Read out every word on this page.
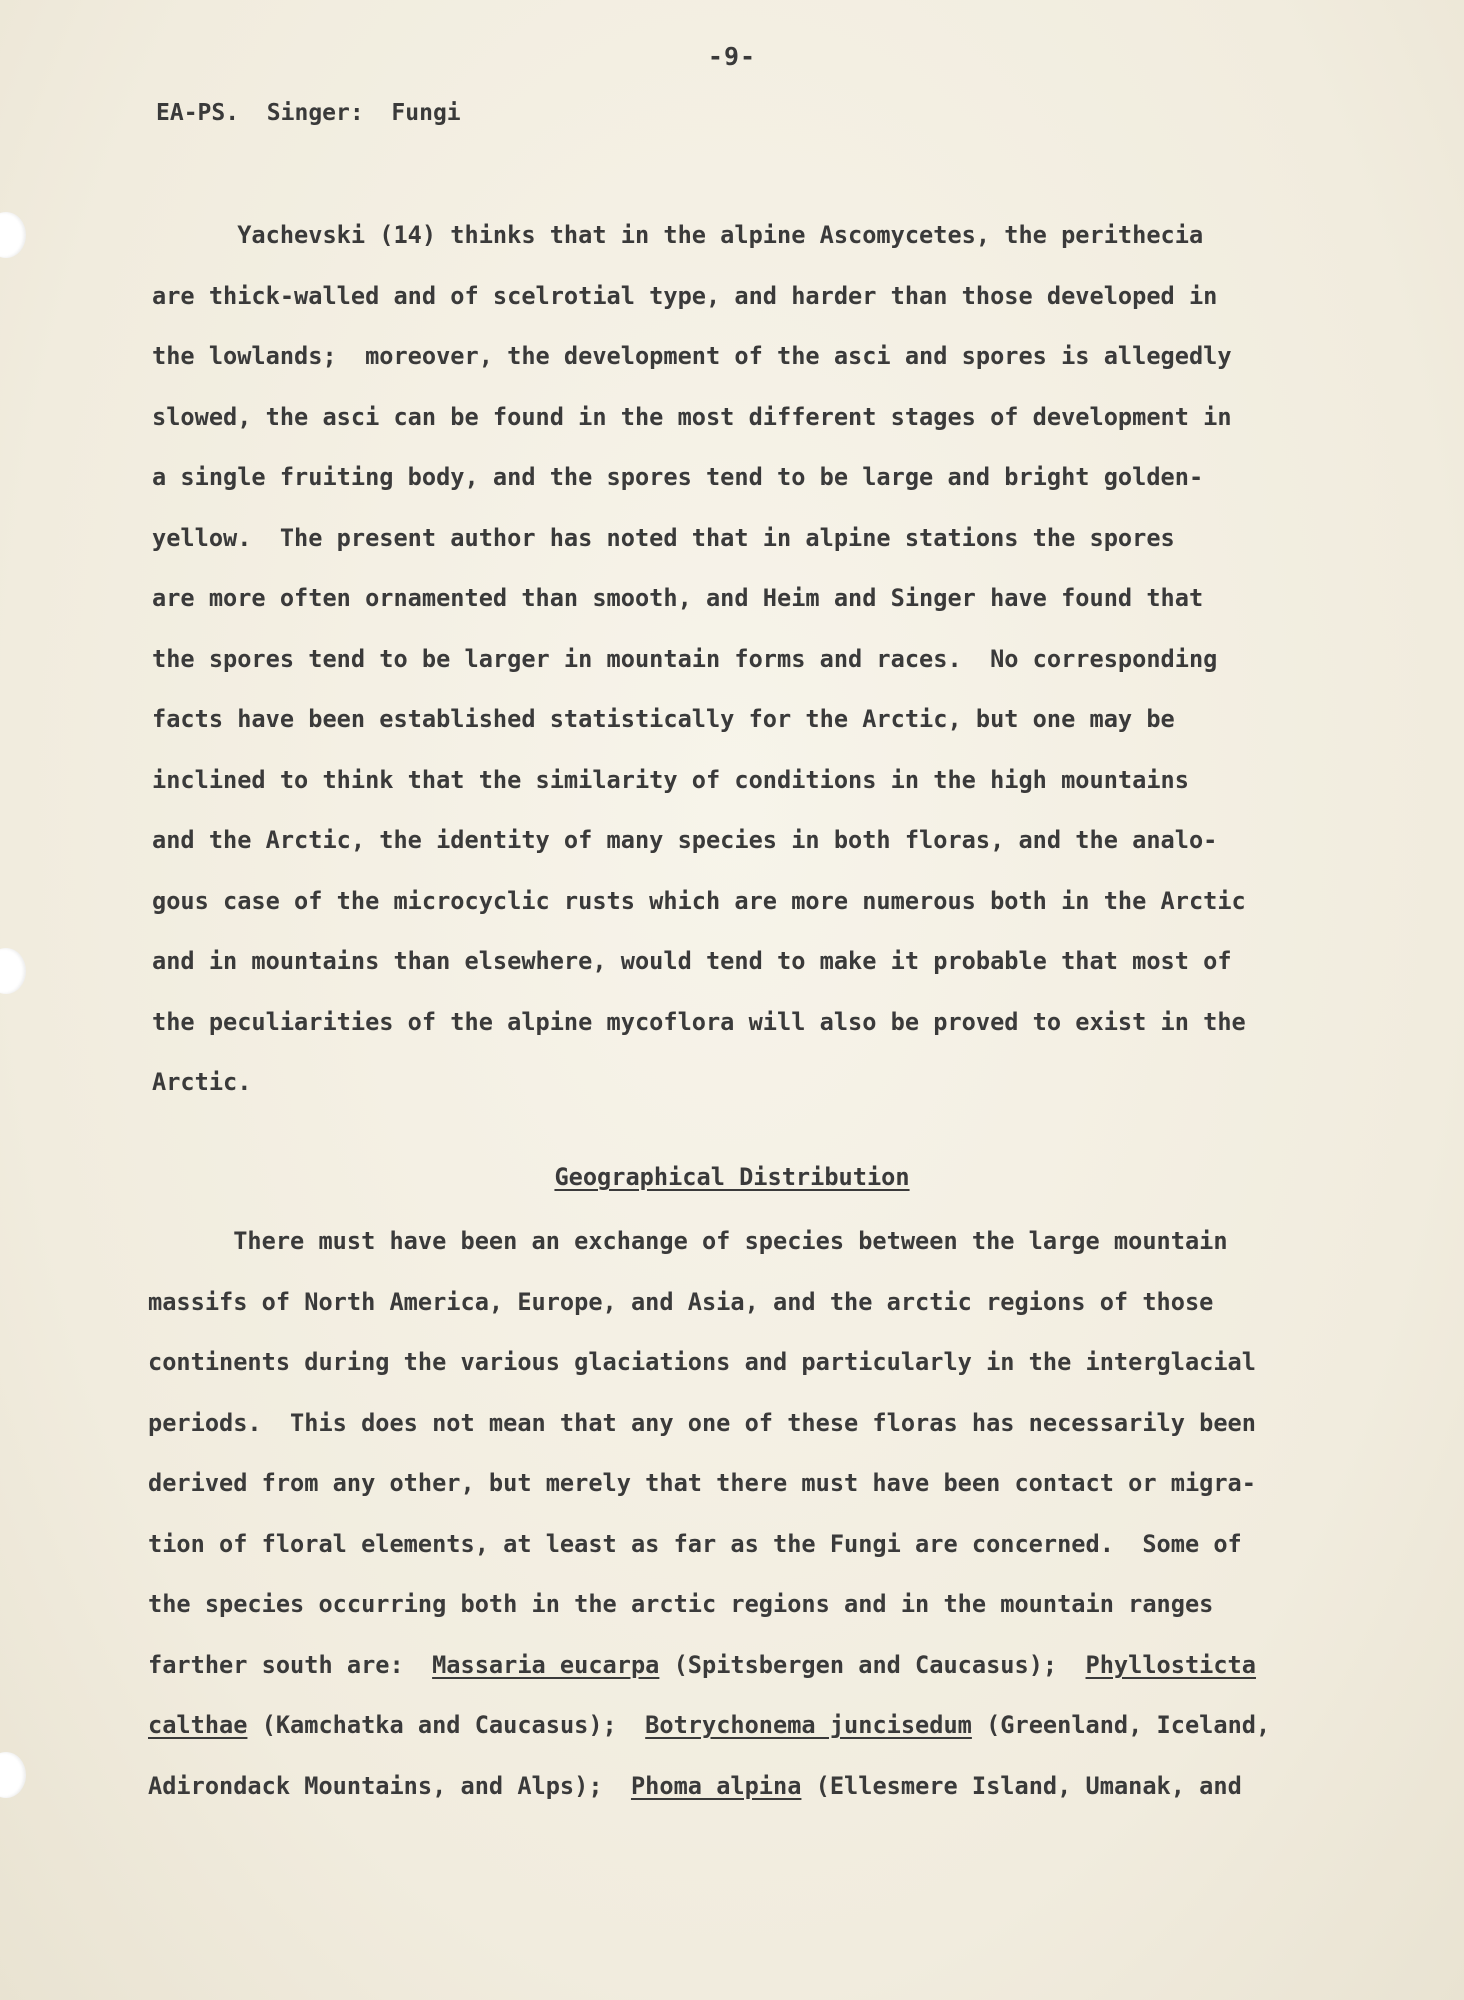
-9-
EA-PS.  Singer:  Fungi
Yachevski (14) thinks that in the alpine Ascomycetes, the perithecia
are thick-walled and of scelrotial type, and harder than those developed in
the lowlands;  moreover, the development of the asci and spores is allegedly
slowed, the asci can be found in the most different stages of development in
a single fruiting body, and the spores tend to be large and bright golden-
yellow.  The present author has noted that in alpine stations the spores
are more often ornamented than smooth, and Heim and Singer have found that
the spores tend to be larger in mountain forms and races.  No corresponding
facts have been established statistically for the Arctic, but one may be
inclined to think that the similarity of conditions in the high mountains
and the Arctic, the identity of many species in both floras, and the analo-
gous case of the microcyclic rusts which are more numerous both in the Arctic
and in mountains than elsewhere, would tend to make it probable that most of
the peculiarities of the alpine mycoflora will also be proved to exist in the
Arctic.
Geographical Distribution
There must have been an exchange of species between the large mountain
massifs of North America, Europe, and Asia, and the arctic regions of those
continents during the various glaciations and particularly in the interglacial
periods.  This does not mean that any one of these floras has necessarily been
derived from any other, but merely that there must have been contact or migra-
tion of floral elements, at least as far as the Fungi are concerned.  Some of
the species occurring both in the arctic regions and in the mountain ranges
farther south are:  Massaria eucarpa (Spitsbergen and Caucasus);  Phyllosticta
calthae (Kamchatka and Caucasus);  Botrychonema juncisedum (Greenland, Iceland,
Adirondack Mountains, and Alps);  Phoma alpina (Ellesmere Island, Umanak, and
